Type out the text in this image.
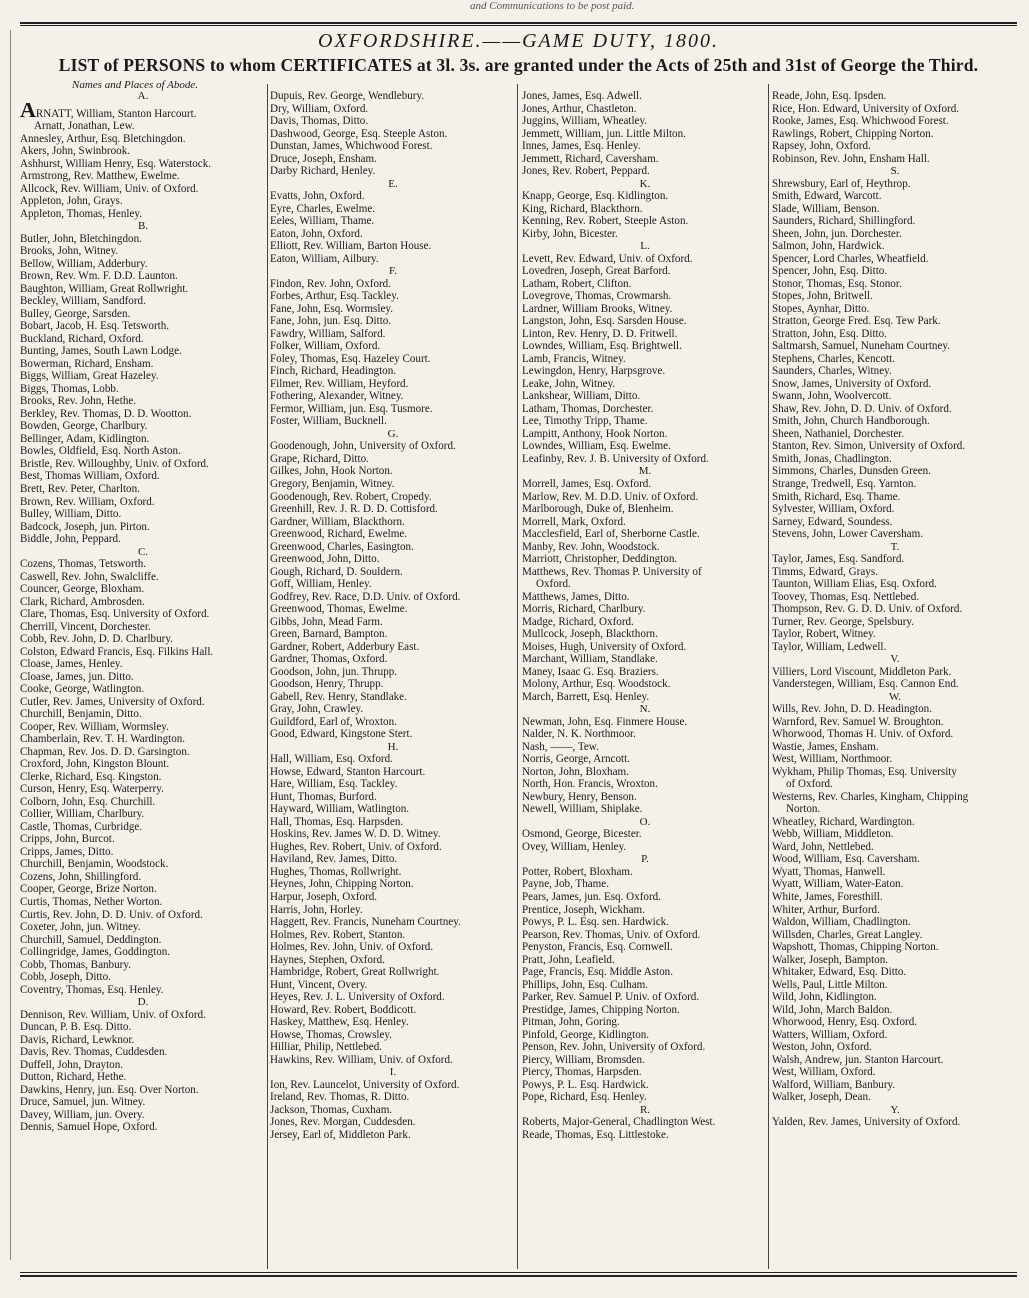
and Communications to be post paid.
OXFORDSHIRE.——GAME DUTY, 1800.
LIST of PERSONS to whom CERTIFICATES at 3l. 3s. are granted under the Acts of 25th and 31st of George the Third.
Names and Places of Abode.
A.
ARNATT, William, Stanton Harcourt.
Arnatt, Jonathan, Lew.
Annesley, Arthur, Esq. Bletchingdon.
Akers, John, Swinbrook.
Ashhurst, William Henry, Esq. Waterstock.
Armstrong, Rev. Matthew, Ewelme.
Allcock, Rev. William, Univ. of Oxford.
Appleton, John, Grays.
Appleton, Thomas, Henley.
B.
Butler, John, Bletchingdon.
Brooks, John, Witney.
Bellow, William, Adderbury.
Brown, Rev. Wm. F. D.D. Launton.
Baughton, William, Great Rollwright.
Beckley, William, Sandford.
Bulley, George, Sarsden.
Bobart, Jacob, H. Esq. Tetsworth.
Buckland, Richard, Oxford.
Bunting, James, South Lawn Lodge.
Bowerman, Richard, Ensham.
Biggs, William, Great Hazeley.
Biggs, Thomas, Lobb.
Brooks, Rev. John, Hethe.
Berkley, Rev. Thomas, D. D. Wootton.
Bowden, George, Charlbury.
Bellinger, Adam, Kidlington.
Bowles, Oldfield, Esq. North Aston.
Bristle, Rev. Willoughby, Univ. of Oxford.
Best, Thomas William, Oxford.
Brett, Rev. Peter, Charlton.
Brown, Rev. William, Oxford.
Bulley, William, Ditto.
Badcock, Joseph, jun. Pirton.
Biddle, John, Peppard.
C.
Cozens, Thomas, Tetsworth.
Caswell, Rev. John, Swalcliffe.
Councer, George, Bloxham.
Clark, Richard, Ambrosden.
Clare, Thomas, Esq. University of Oxford.
Cherrill, Vincent, Dorchester.
Cobb, Rev. John, D. D. Charlbury.
Colston, Edward Francis, Esq. Filkins Hall.
Cloase, James, Henley.
Cloase, James, jun. Ditto.
Cooke, George, Watlington.
Cutler, Rev. James, University of Oxford.
Churchill, Benjamin, Ditto.
Cooper, Rev. William, Wormsley.
Chamberlain, Rev. T. H. Wardington.
Chapman, Rev. Jos. D. D. Garsington.
Croxford, John, Kingston Blount.
Clerke, Richard, Esq. Kingston.
Curson, Henry, Esq. Waterperry.
Colborn, John, Esq. Churchill.
Collier, William, Charlbury.
Castle, Thomas, Curbridge.
Cripps, John, Burcot.
Cripps, James, Ditto.
Churchill, Benjamin, Woodstock.
Cozens, John, Shillingford.
Cooper, George, Brize Norton.
Curtis, Thomas, Nether Worton.
Curtis, Rev. John, D. D. Univ. of Oxford.
Coxeter, John, jun. Witney.
Churchill, Samuel, Deddington.
Collingridge, James, Goddington.
Cobb, Thomas, Banbury.
Cobb, Joseph, Ditto.
Coventry, Thomas, Esq. Henley.
D.
Dennison, Rev. William, Univ. of Oxford.
Duncan, P. B. Esq. Ditto.
Davis, Richard, Lewknor.
Davis, Rev. Thomas, Cuddesden.
Duffell, John, Drayton.
Dutton, Richard, Hethe.
Dawkins, Henry, jun. Esq. Over Norton.
Druce, Samuel, jun. Witney.
Davey, William, jun. Overy.
Dennis, Samuel Hope, Oxford.
Dupuis, Rev. George, Wendlebury.
Dry, William, Oxford.
Davis, Thomas, Ditto.
Dashwood, George, Esq. Steeple Aston.
Dunstan, James, Whichwood Forest.
Druce, Joseph, Ensham.
Darby Richard, Henley.
E.
Evatts, John, Oxford.
Eyre, Charles, Ewelme.
Eeles, William, Thame.
Eaton, John, Oxford.
Elliott, Rev. William, Barton House.
Eaton, William, Ailbury.
F.
Findon, Rev. John, Oxford.
Forbes, Arthur, Esq. Tackley.
Fane, John, Esq. Wormsley.
Fane, John, jun. Esq. Ditto.
Fawdry, William, Salford.
Folker, William, Oxford.
Foley, Thomas, Esq. Hazeley Court.
Finch, Richard, Headington.
Filmer, Rev. William, Heyford.
Fothering, Alexander, Witney.
Fermor, William, jun. Esq. Tusmore.
Foster, William, Bucknell.
G.
Goodenough, John, University of Oxford.
Grape, Richard, Ditto.
Gilkes, John, Hook Norton.
Gregory, Benjamin, Witney.
Goodenough, Rev. Robert, Cropedy.
Greenhill, Rev. J. R. D. D. Cottisford.
Gardner, William, Blackthorn.
Greenwood, Richard, Ewelme.
Greenwood, Charles, Easington.
Greenwood, John, Ditto.
Gough, Richard, D. Souldern.
Goff, William, Henley.
Godfrey, Rev. Race, D.D. Univ. of Oxford.
Greenwood, Thomas, Ewelme.
Gibbs, John, Mead Farm.
Green, Barnard, Bampton.
Gardner, Robert, Adderbury East.
Gardner, Thomas, Oxford.
Goodson, John, jun. Thrupp.
Goodson, Henry, Thrupp.
Gabell, Rev. Henry, Standlake.
Gray, John, Crawley.
Guildford, Earl of, Wroxton.
Good, Edward, Kingstone Stert.
H.
Hall, William, Esq. Oxford.
Howse, Edward, Stanton Harcourt.
Hare, William, Esq. Tackley.
Hunt, Thomas, Burford.
Hayward, William, Watlington.
Hall, Thomas, Esq. Harpsden.
Hoskins, Rev. James W. D. D. Witney.
Hughes, Rev. Robert, Univ. of Oxford.
Haviland, Rev. James, Ditto.
Hughes, Thomas, Rollwright.
Heynes, John, Chipping Norton.
Harpur, Joseph, Oxford.
Harris, John, Horley.
Haggett, Rev. Francis, Nuneham Courtney.
Holmes, Rev. Robert, Stanton.
Holmes, Rev. John, Univ. of Oxford.
Haynes, Stephen, Oxford.
Hambridge, Robert, Great Rollwright.
Hunt, Vincent, Overy.
Heyes, Rev. J. L. University of Oxford.
Howard, Rev. Robert, Boddicott.
Haskey, Matthew, Esq. Henley.
Howse, Thomas, Crowsley.
Hilliar, Philip, Nettlebed.
Hawkins, Rev. William, Univ. of Oxford.
I.
Ion, Rev. Launcelot, University of Oxford.
Ireland, Rev. Thomas, R. Ditto.
Jackson, Thomas, Cuxham.
Jones, Rev. Morgan, Cuddesden.
Jersey, Earl of, Middleton Park.
Jones, James, Esq. Adwell.
Jones, Arthur, Chastleton.
Juggins, William, Wheatley.
Jemmett, William, jun. Little Milton.
Innes, James, Esq. Henley.
Jemmett, Richard, Caversham.
Jones, Rev. Robert, Peppard.
K.
Knapp, George, Esq. Kidlington.
King, Richard, Blackthorn.
Kenning, Rev. Robert, Steeple Aston.
Kirby, John, Bicester.
L.
Levett, Rev. Edward, Univ. of Oxford.
Lovedren, Joseph, Great Barford.
Latham, Robert, Clifton.
Lovegrove, Thomas, Crowmarsh.
Lardner, William Brooks, Witney.
Langston, John, Esq. Sarsden House.
Linton, Rev. Henry, D. D. Fritwell.
Lowndes, William, Esq. Brightwell.
Lamb, Francis, Witney.
Lewingdon, Henry, Harpsgrove.
Leake, John, Witney.
Lankshear, William, Ditto.
Latham, Thomas, Dorchester.
Lee, Timothy Tripp, Thame.
Lampitt, Anthony, Hook Norton.
Lowndes, William, Esq. Ewelme.
Leafinby, Rev. J. B. University of Oxford.
M.
Morrell, James, Esq. Oxford.
Marlow, Rev. M. D.D. Univ. of Oxford.
Marlborough, Duke of, Blenheim.
Morrell, Mark, Oxford.
Macclesfield, Earl of, Sherborne Castle.
Manby, Rev. John, Woodstock.
Marriott, Christopher, Deddington.
Matthews, Rev. Thomas P. University of
Oxford.
Matthews, James, Ditto.
Morris, Richard, Charlbury.
Madge, Richard, Oxford.
Mullcock, Joseph, Blackthorn.
Moises, Hugh, University of Oxford.
Marchant, William, Standlake.
Maney, Isaac G. Esq. Braziers.
Molony, Arthur, Esq. Woodstock.
March, Barrett, Esq. Henley.
N.
Newman, John, Esq. Finmere House.
Nalder, N. K. Northmoor.
Nash, ——, Tew.
Norris, George, Arncott.
Norton, John, Bloxham.
North, Hon. Francis, Wroxton.
Newbury, Henry, Benson.
Newell, William, Shiplake.
O.
Osmond, George, Bicester.
Ovey, William, Henley.
P.
Potter, Robert, Bloxham.
Payne, Job, Thame.
Pears, James, jun. Esq. Oxford.
Prentice, Joseph, Wickham.
Powys, P. L. Esq. sen. Hardwick.
Pearson, Rev. Thomas, Univ. of Oxford.
Penyston, Francis, Esq. Cornwell.
Pratt, John, Leafield.
Page, Francis, Esq. Middle Aston.
Phillips, John, Esq. Culham.
Parker, Rev. Samuel P. Univ. of Oxford.
Prestidge, James, Chipping Norton.
Pitman, John, Goring.
Pinfold, George, Kidlington.
Penson, Rev. John, University of Oxford.
Piercy, William, Bromsden.
Piercy, Thomas, Harpsden.
Powys, P. L. Esq. Hardwick.
Pope, Richard, Esq. Henley.
R.
Roberts, Major-General, Chadlington West.
Reade, Thomas, Esq. Littlestoke.
Reade, John, Esq. Ipsden.
Rice, Hon. Edward, University of Oxford.
Rooke, James, Esq. Whichwood Forest.
Rawlings, Robert, Chipping Norton.
Rapsey, John, Oxford.
Robinson, Rev. John, Ensham Hall.
S.
Shrewsbury, Earl of, Heythrop.
Smith, Edward, Warcott.
Slade, William, Benson.
Saunders, Richard, Shillingford.
Sheen, John, jun. Dorchester.
Salmon, John, Hardwick.
Spencer, Lord Charles, Wheatfield.
Spencer, John, Esq. Ditto.
Stonor, Thomas, Esq. Stonor.
Stopes, John, Britwell.
Stopes, Aynhar, Ditto.
Stratton, George Fred. Esq. Tew Park.
Stratton, John, Esq. Ditto.
Saltmarsh, Samuel, Nuneham Courtney.
Stephens, Charles, Kencott.
Saunders, Charles, Witney.
Snow, James, University of Oxford.
Swann, John, Woolvercott.
Shaw, Rev. John, D. D. Univ. of Oxford.
Smith, John, Church Handborough.
Sheen, Nathaniel, Dorchester.
Stanton, Rev. Simon, University of Oxford.
Smith, Jonas, Chadlington.
Simmons, Charles, Dunsden Green.
Strange, Tredwell, Esq. Yarnton.
Smith, Richard, Esq. Thame.
Sylvester, William, Oxford.
Sarney, Edward, Soundess.
Stevens, John, Lower Caversham.
T.
Taylor, James, Esq. Sandford.
Timms, Edward, Grays.
Taunton, William Elias, Esq. Oxford.
Toovey, Thomas, Esq. Nettlebed.
Thompson, Rev. G. D. D. Univ. of Oxford.
Turner, Rev. George, Spelsbury.
Taylor, Robert, Witney.
Taylor, William, Ledwell.
V.
Villiers, Lord Viscount, Middleton Park.
Vanderstegen, William, Esq. Cannon End.
W.
Wills, Rev. John, D. D. Headington.
Warnford, Rev. Samuel W. Broughton.
Whorwood, Thomas H. Univ. of Oxford.
Wastie, James, Ensham.
West, William, Northmoor.
Wykham, Philip Thomas, Esq. University
of Oxford.
Westerns, Rev. Charles, Kingham, Chipping
Norton.
Wheatley, Richard, Wardington.
Webb, William, Middleton.
Ward, John, Nettlebed.
Wood, William, Esq. Caversham.
Wyatt, Thomas, Hanwell.
Wyatt, William, Water-Eaton.
White, James, Foresthill.
Whiter, Arthur, Burford.
Waldon, William, Chadlington.
Willsden, Charles, Great Langley.
Wapshott, Thomas, Chipping Norton.
Walker, Joseph, Bampton.
Whitaker, Edward, Esq. Ditto.
Wells, Paul, Little Milton.
Wild, John, Kidlington.
Wild, John, March Baldon.
Whorwood, Henry, Esq. Oxford.
Watters, William, Oxford.
Weston, John, Oxford.
Walsh, Andrew, jun. Stanton Harcourt.
West, William, Oxford.
Walford, William, Banbury.
Walker, Joseph, Dean.
Y.
Yalden, Rev. James, University of Oxford.
